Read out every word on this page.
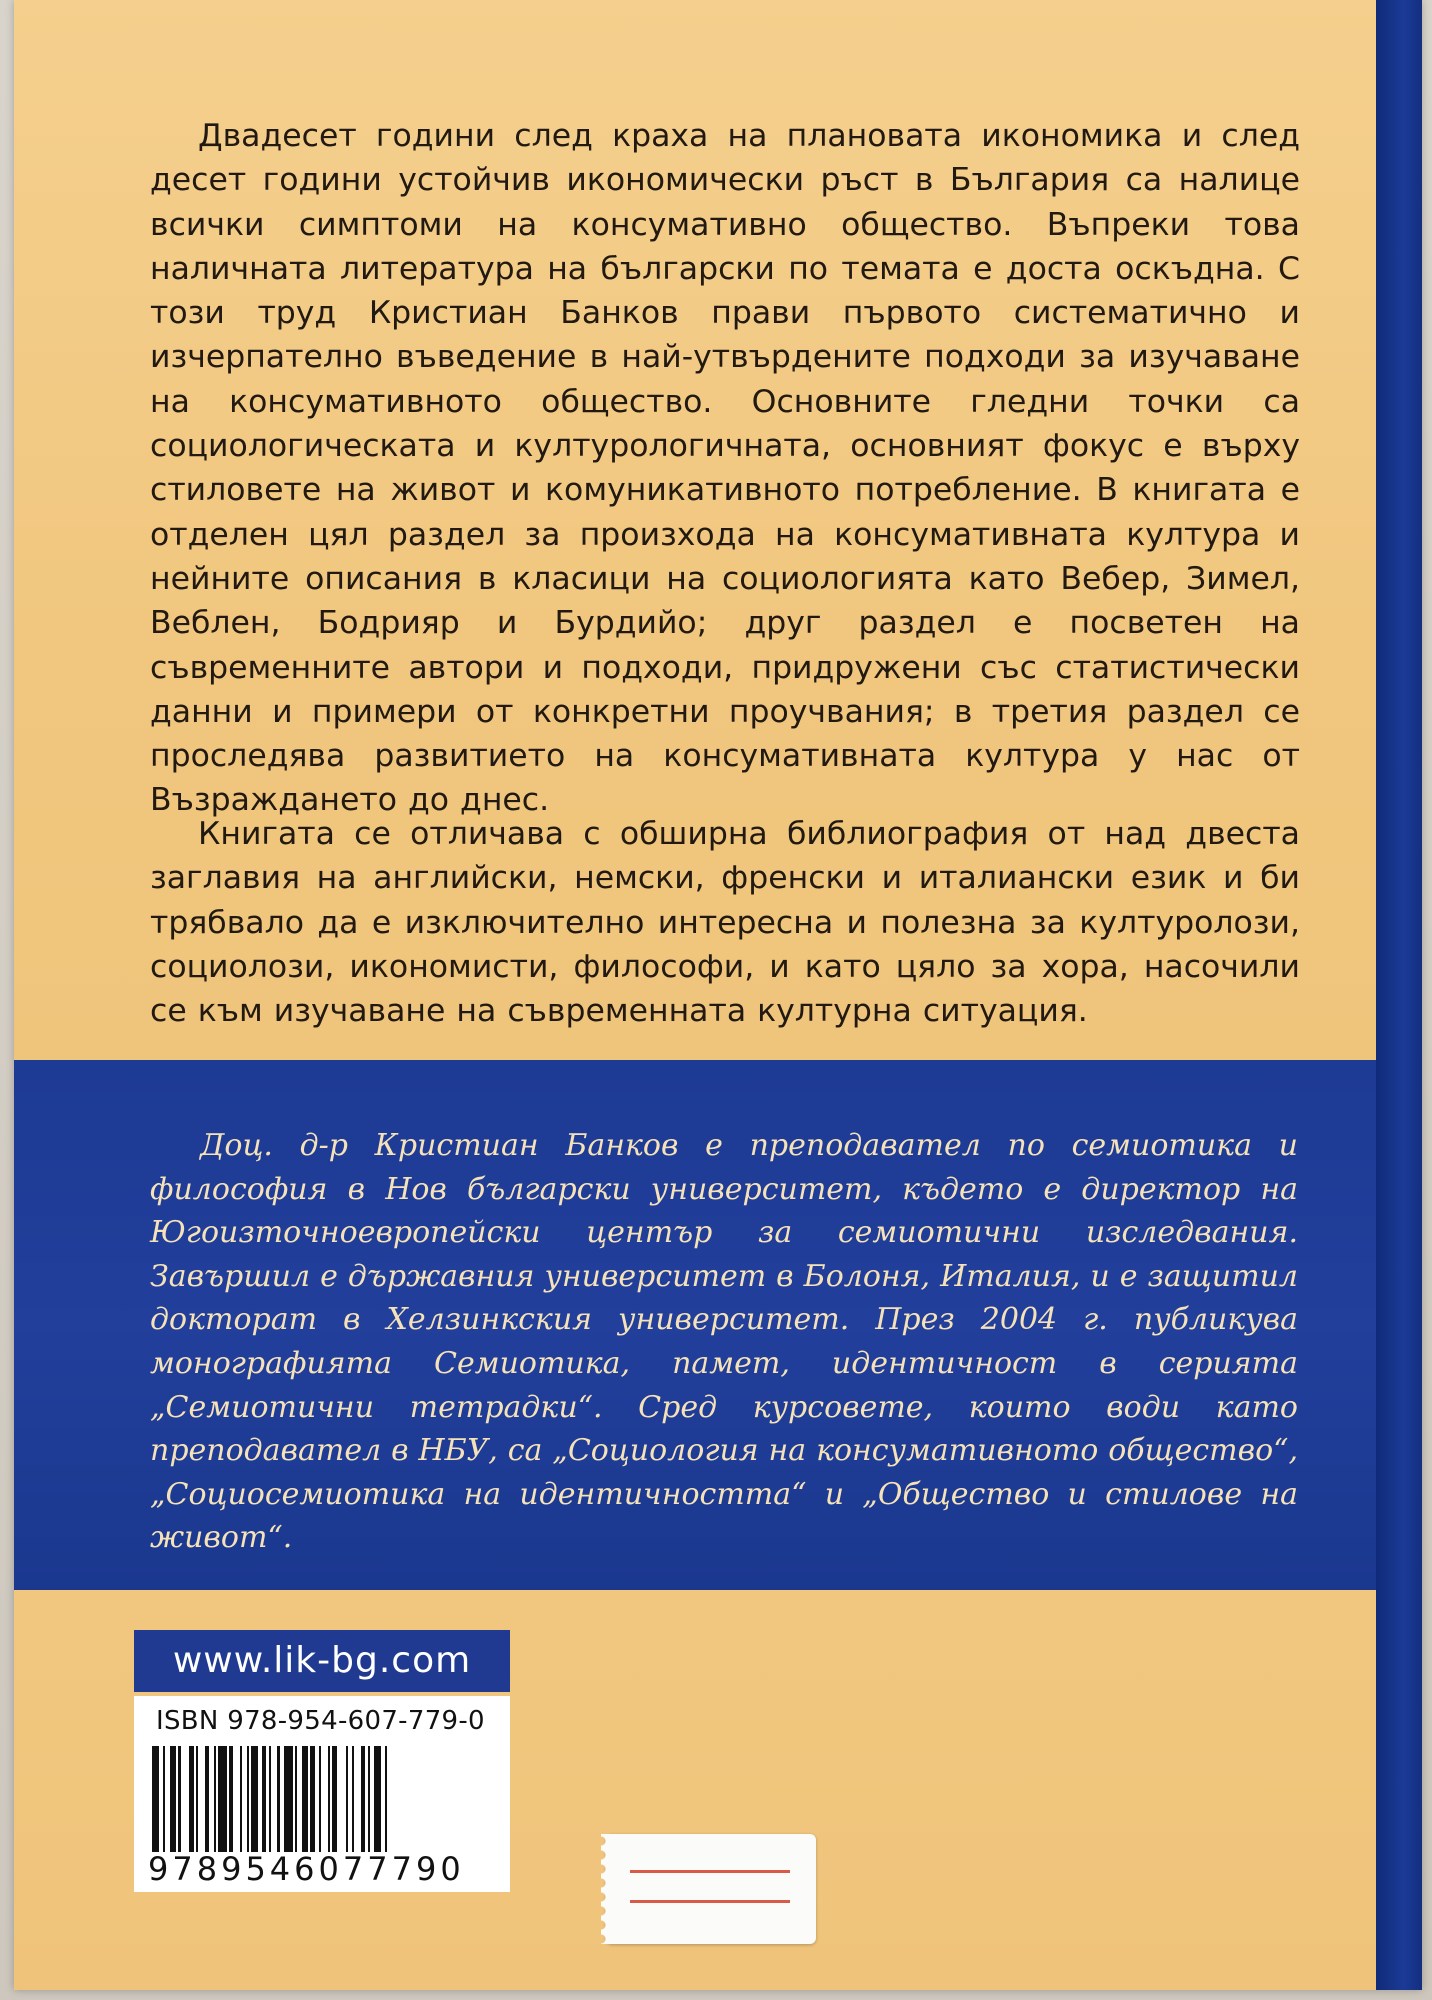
Двадесет години след краха на плановата икономика и след десет години устойчив икономически ръст в България са налице всички симптоми на консумативно общество. Въпреки това наличната литература на български по темата е доста оскъдна. С този труд Кристиан Банков прави първото систематично и изчерпателно въведение в най-утвърдените подходи за изучаване на консумативното общество. Основните гледни точки са социологическата и културологичната, основният фокус е върху стиловете на живот и комуникативното потребление. В книгата е отделен цял раздел за произхода на консумативната култура и нейните описания в класици на социологията като Вебер, Зимел, Веблен, Бодрияр и Бурдийо; друг раздел е посветен на съвременните автори и подходи, придружени със статистически данни и примери от конкретни проучвания; в третия раздел се проследява развитието на консумативната култура у нас от Възраждането до днес.

Книгата се отличава с обширна библиография от над двеста заглавия на английски, немски, френски и италиански език и би трябвало да е изключително интересна и полезна за културолози, социолози, икономисти, философи, и като цяло за хора, насочили се към изучаване на съвременната културна ситуация.

Доц. д-р Кристиан Банков е преподавател по семиотика и философия в Нов български университет, където е директор на Югоизточноевропейски център за семиотични изследвания. Завършил е държавния университет в Болоня, Италия, и е защитил докторат в Хелзинкския университет. През 2004 г. публикува монографията Семиотика, памет, идентичност в серията „Семиотични тетрадки“. Сред курсовете, които води като преподавател в НБУ, са „Социология на консумативното общество“, „Социосемиотика на идентичността“ и „Общество и стилове на живот“.

www.lik-bg.com
ISBN 978-954-607-779-0
9789546077790
